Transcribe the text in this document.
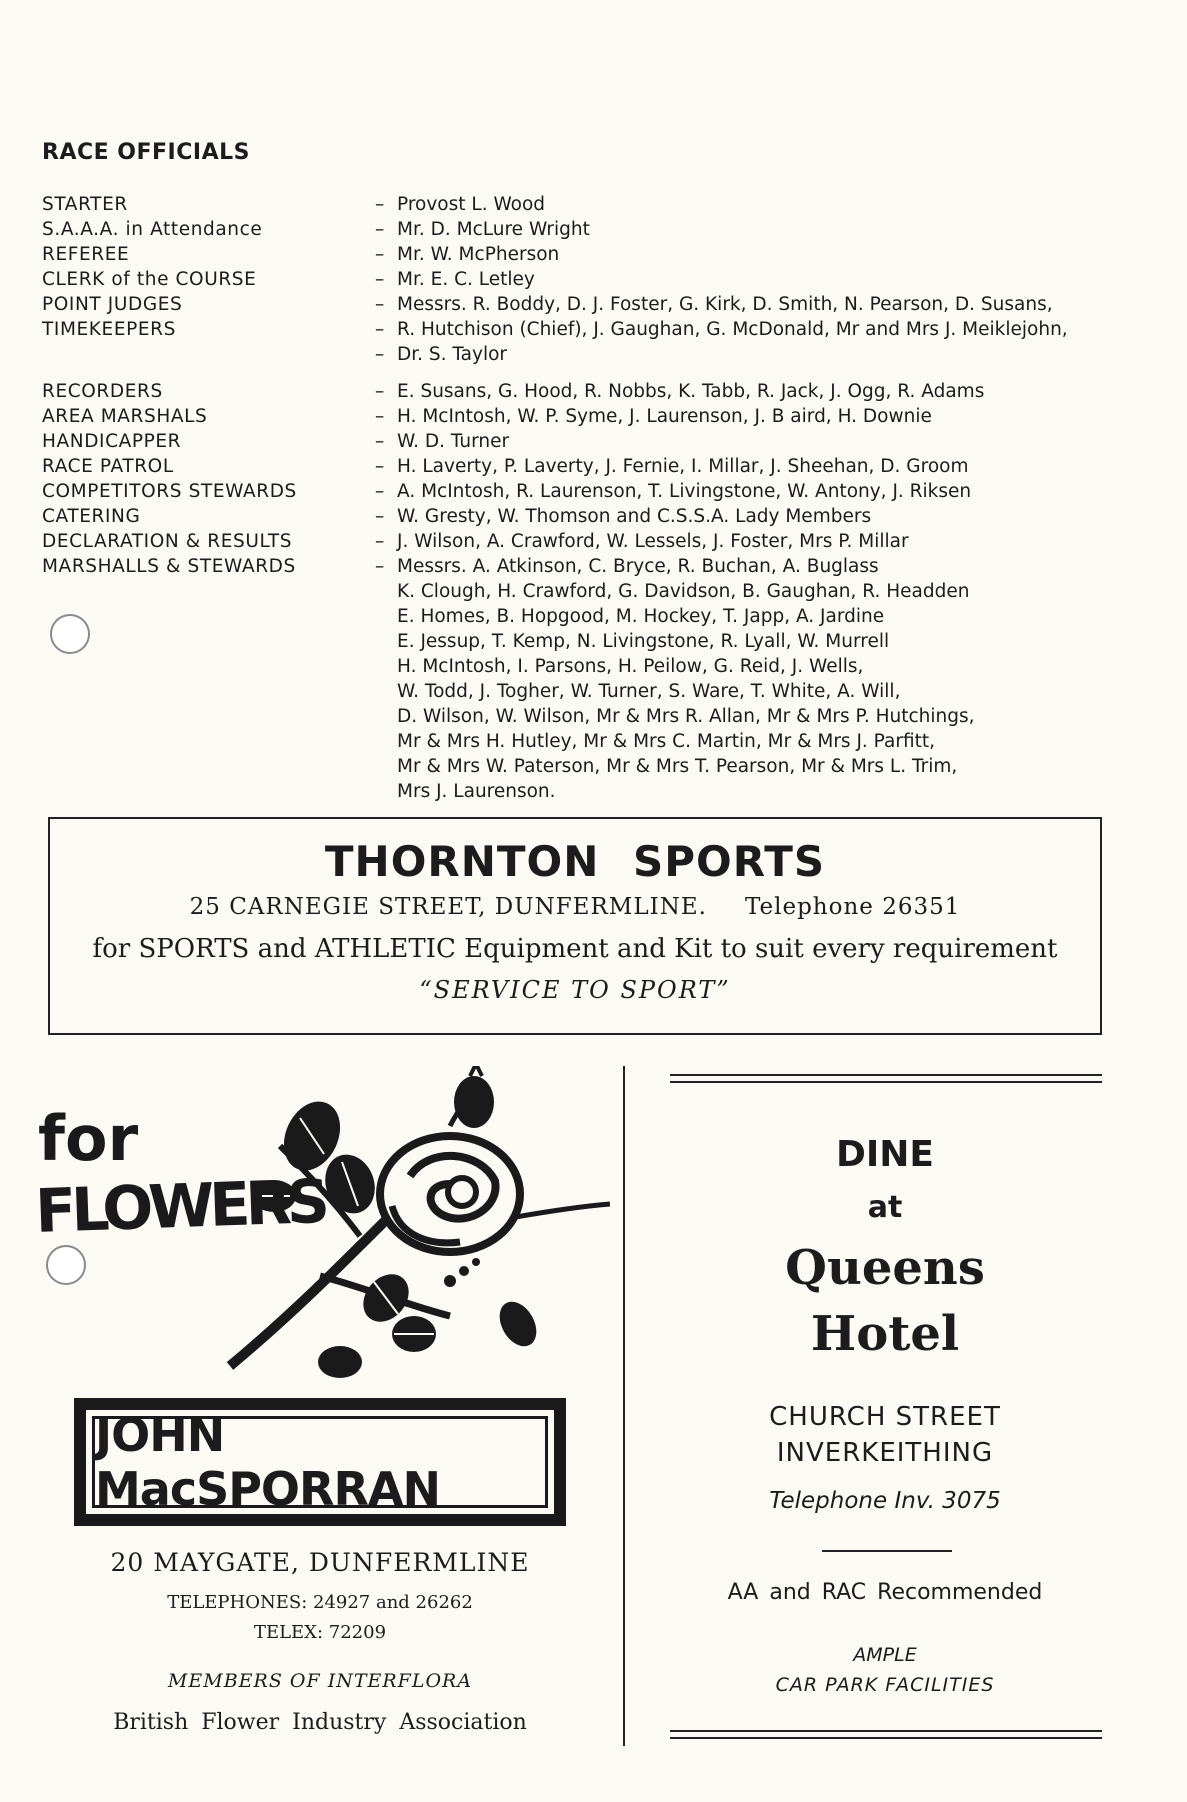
RACE OFFICIALS
STARTER	– Provost L. Wood
S.A.A.A. in Attendance	– Mr. D. McLure Wright
REFEREE	– Mr. W. McPherson
CLERK of the COURSE	– Mr. E. C. Letley
POINT JUDGES	– Messrs. R. Boddy, D. J. Foster, G. Kirk, D. Smith, N. Pearson, D. Susans,
TIMEKEEPERS	– R. Hutchison (Chief), J. Gaughan, G. McDonald, Mr and Mrs J. Meiklejohn,
– Dr. S. Taylor
RECORDERS	– E. Susans, G. Hood, R. Nobbs, K. Tabb, R. Jack, J. Ogg, R. Adams
AREA MARSHALS	– H. McIntosh, W. P. Syme, J. Laurenson, J. B aird, H. Downie
HANDICAPPER	– W. D. Turner
RACE PATROL	– H. Laverty, P. Laverty, J. Fernie, I. Millar, J. Sheehan, D. Groom
COMPETITORS STEWARDS	– A. McIntosh, R. Laurenson, T. Livingstone, W. Antony, J. Riksen
CATERING	– W. Gresty, W. Thomson and C.S.S.A. Lady Members
DECLARATION & RESULTS	– J. Wilson, A. Crawford, W. Lessels, J. Foster, Mrs P. Millar
MARSHALLS & STEWARDS	– Messrs. A. Atkinson, C. Bryce, R. Buchan, A. Buglass
K. Clough, H. Crawford, G. Davidson, B. Gaughan, R. Headden
E. Homes, B. Hopgood, M. Hockey, T. Japp, A. Jardine
E. Jessup, T. Kemp, N. Livingstone, R. Lyall, W. Murrell
H. McIntosh, I. Parsons, H. Peilow, G. Reid, J. Wells,
W. Todd, J. Togher, W. Turner, S. Ware, T. White, A. Will,
D. Wilson, W. Wilson, Mr & Mrs R. Allan, Mr & Mrs P. Hutchings,
Mr & Mrs H. Hutley, Mr & Mrs C. Martin, Mr & Mrs J. Parfitt,
Mr & Mrs W. Paterson, Mr & Mrs T. Pearson, Mr & Mrs L. Trim,
Mrs J. Laurenson.
THORNTON SPORTS
25 CARNEGIE STREET, DUNFERMLINE. Telephone 26351
for SPORTS and ATHLETIC Equipment and Kit to suit every requirement
“SERVICE TO SPORT”
for
FLOWERS
JOHN MacSPORRAN
20 MAYGATE, DUNFERMLINE
TELEPHONES: 24927 and 26262
TELEX: 72209
MEMBERS OF INTERFLORA
British Flower Industry Association
DINE
at
Queens
Hotel
CHURCH STREET
INVERKEITHING
Telephone Inv. 3075
AA and RAC Recommended
AMPLE
CAR PARK FACILITIES
